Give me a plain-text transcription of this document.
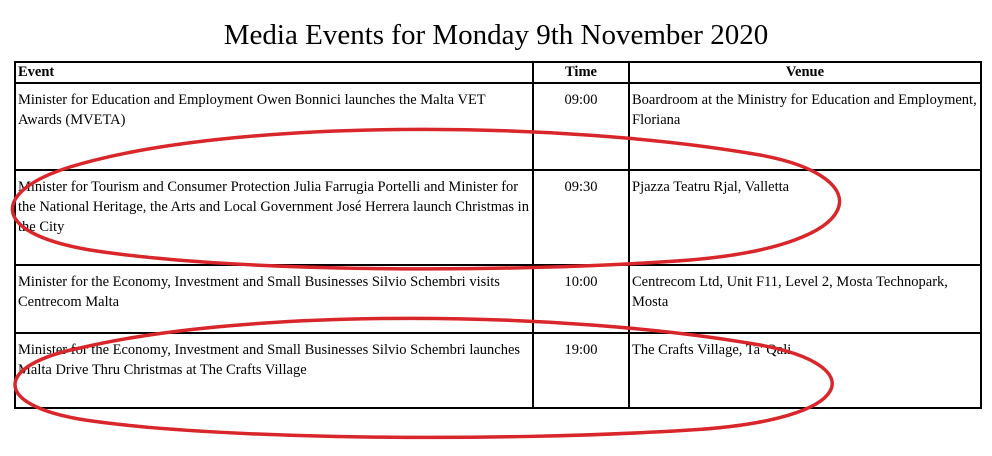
Media Events for Monday 9th November 2020
Event	Time	Venue
Minister for Education and Employment Owen Bonnici launches the Malta VET Awards (MVETA)	09:00	Boardroom at the Ministry for Education and Employment, Floriana
Minister for Tourism and Consumer Protection Julia Farrugia Portelli and Minister for the National Heritage, the Arts and Local Government José Herrera launch Christmas in the City	09:30	Pjazza Teatru Rjal, Valletta
Minister for the Economy, Investment and Small Businesses Silvio Schembri visits Centrecom Malta	10:00	Centrecom Ltd, Unit F11, Level 2, Mosta Technopark, Mosta
Minister for the Economy, Investment and Small Businesses Silvio Schembri launches Malta Drive Thru Christmas at The Crafts Village	19:00	The Crafts Village, Ta' Qali
